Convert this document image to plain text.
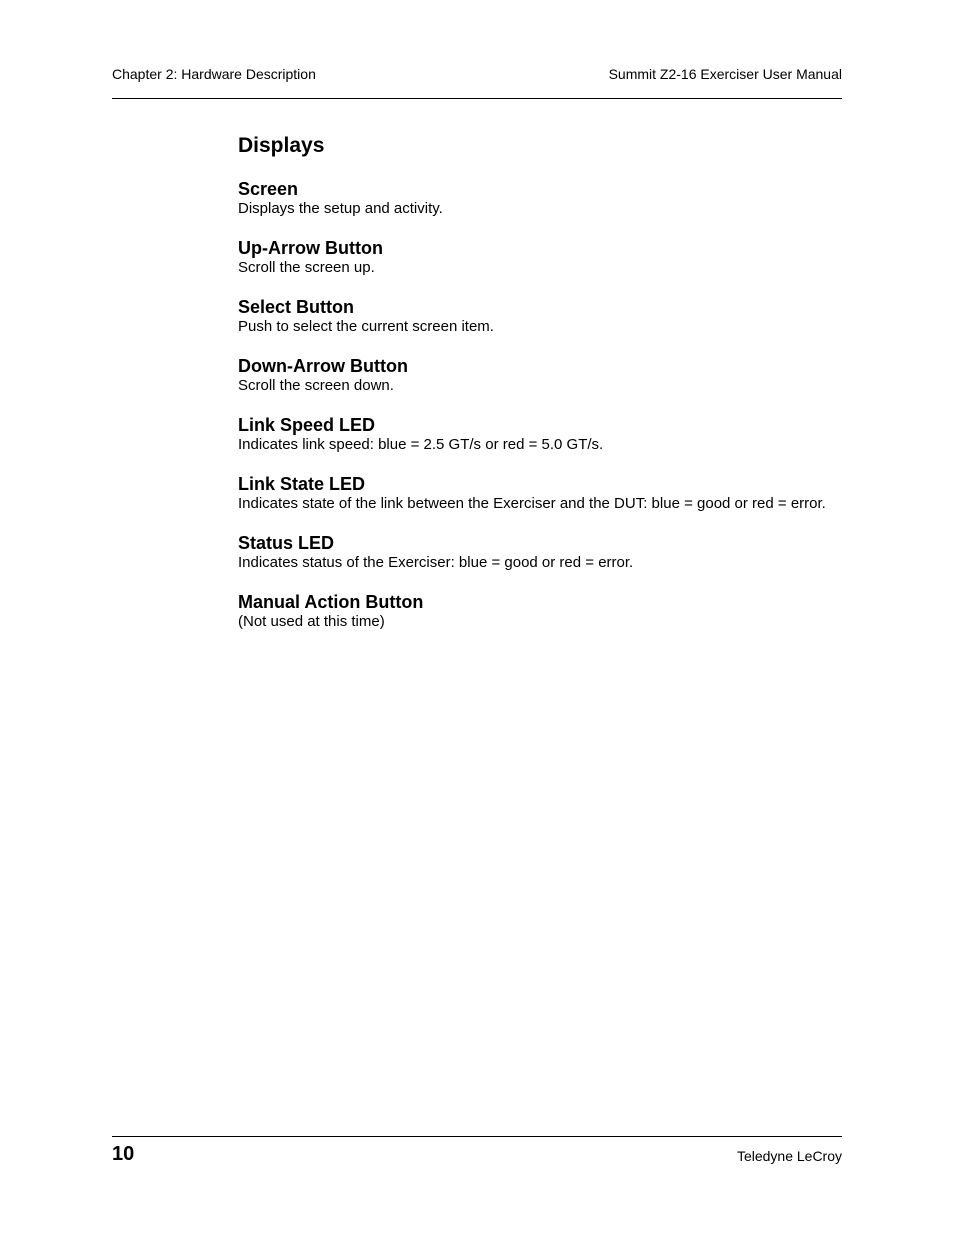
Chapter 2: Hardware Description	Summit Z2-16 Exerciser User Manual
Displays
Screen

Displays the setup and activity.

Up-Arrow Button

Scroll the screen up.

Select Button

Push to select the current screen item.

Down-Arrow Button

Scroll the screen down.

Link Speed LED

Indicates link speed: blue = 2.5 GT/s or red = 5.0 GT/s.

Link State LED

Indicates state of the link between the Exerciser and the DUT: blue = good or red = error.

Status LED

Indicates status of the Exerciser: blue = good or red = error.

Manual Action Button

(Not used at this time)

10	Teledyne LeCroy
